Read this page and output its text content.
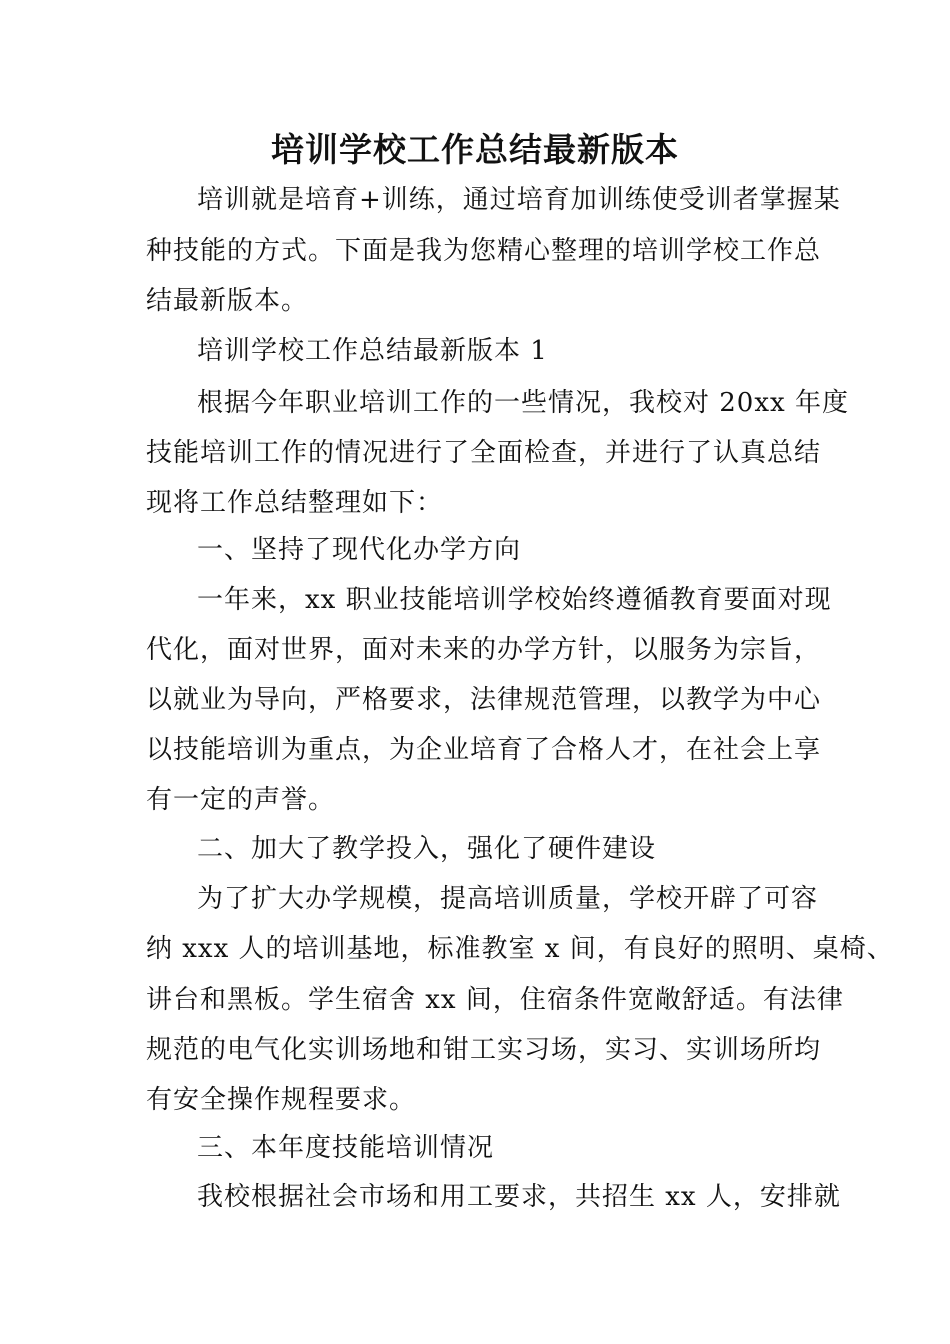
培训学校工作总结最新版本
培训就是培育+训练，通过培育加训练使受训者掌握某
种技能的方式。下面是我为您精心整理的培训学校工作总
结最新版本。
培训学校工作总结最新版本 1
根据今年职业培训工作的一些情况，我校对 20xx 年度
技能培训工作的情况进行了全面检查，并进行了认真总结
现将工作总结整理如下：
一、坚持了现代化办学方向
一年来，xx 职业技能培训学校始终遵循教育要面对现
代化，面对世界，面对未来的办学方针，以服务为宗旨，
以就业为导向，严格要求，法律规范管理，以教学为中心
以技能培训为重点，为企业培育了合格人才，在社会上享
有一定的声誉。
二、加大了教学投入，强化了硬件建设
为了扩大办学规模，提高培训质量，学校开辟了可容
纳 xxx 人的培训基地，标准教室 x 间，有良好的照明、桌椅、
讲台和黑板。学生宿舍 xx 间，住宿条件宽敞舒适。有法律
规范的电气化实训场地和钳工实习场，实习、实训场所均
有安全操作规程要求。
三、本年度技能培训情况
我校根据社会市场和用工要求，共招生 xx 人，安排就
